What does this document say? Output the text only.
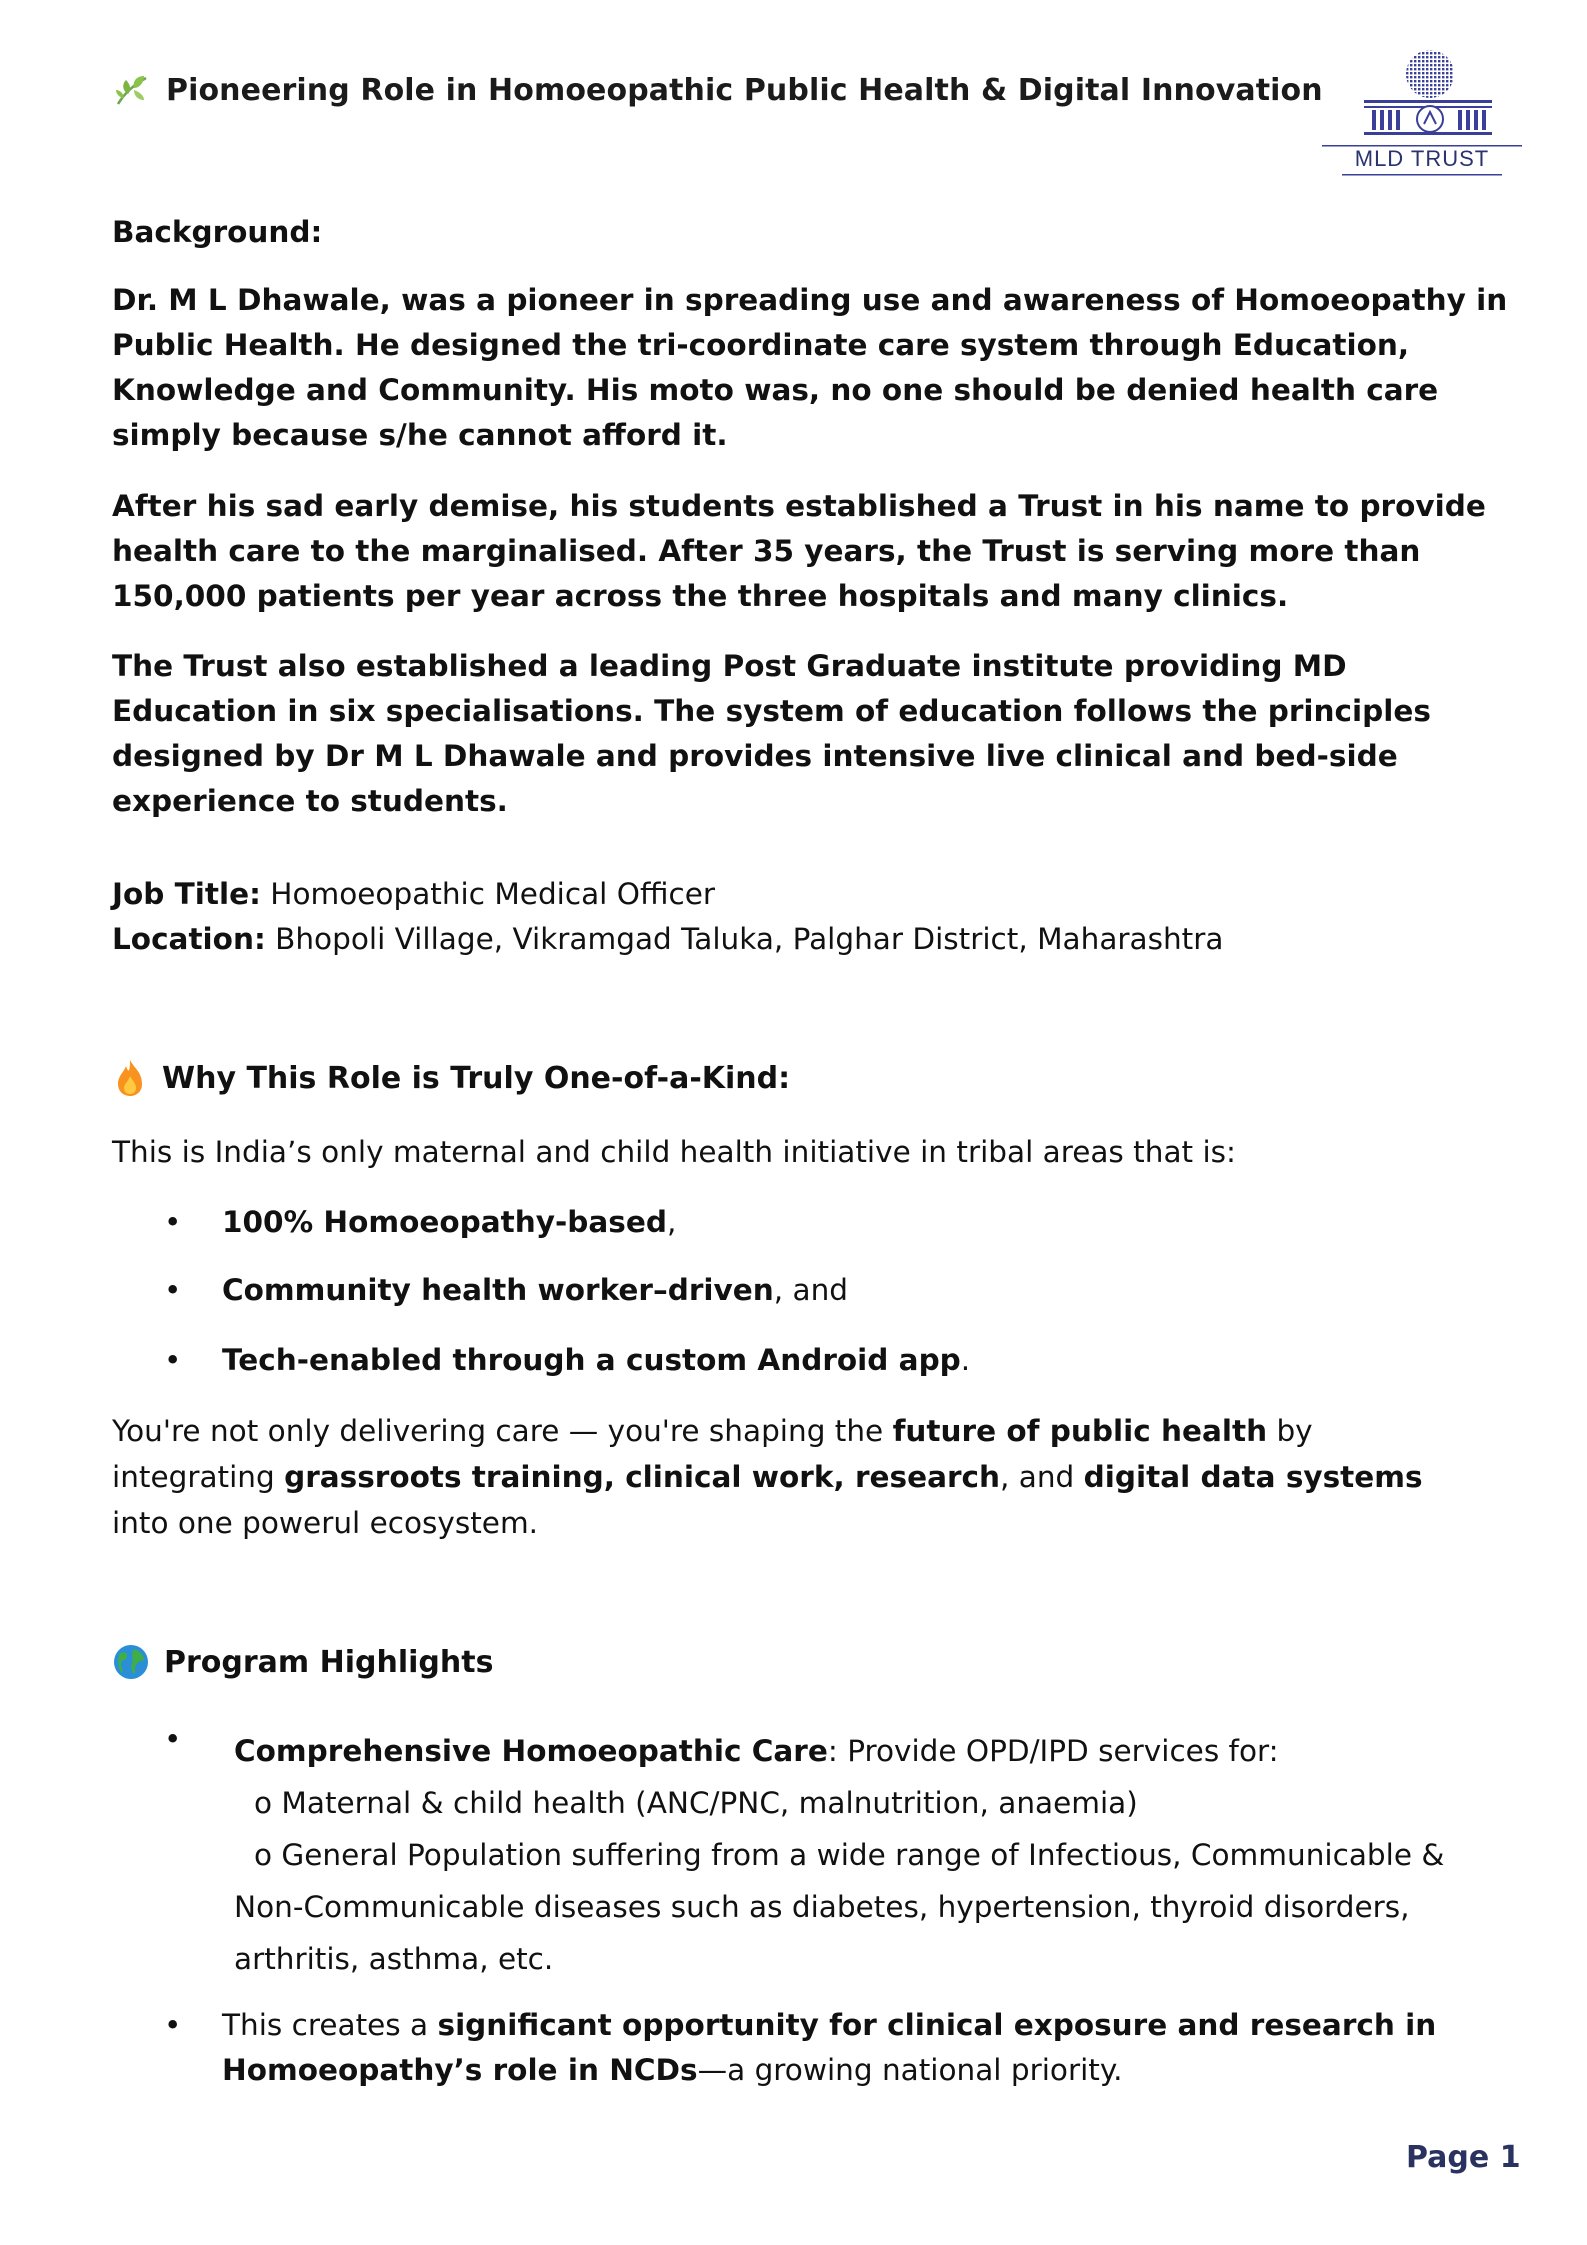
Pioneering Role in Homoeopathic Public Health & Digital Innovation
MLD TRUST

Background:

Dr. M L Dhawale, was a pioneer in spreading use and awareness of Homoeopathy in Public Health. He designed the tri-coordinate care system through Education, Knowledge and Community. His moto was, no one should be denied health care simply because s/he cannot afford it.

After his sad early demise, his students established a Trust in his name to provide health care to the marginalised. After 35 years, the Trust is serving more than 150,000 patients per year across the three hospitals and many clinics.

The Trust also established a leading Post Graduate institute providing MD Education in six specialisations. The system of education follows the principles designed by Dr M L Dhawale and provides intensive live clinical and bed-side experience to students.

Job Title: Homoeopathic Medical Officer

Location: Bhopoli Village, Vikramgad Taluka, Palghar District, Maharashtra

Why This Role is Truly One-of-a-Kind:

This is India’s only maternal and child health initiative in tribal areas that is:

• 100% Homoeopathy-based,
• Community health worker–driven, and
• Tech-enabled through a custom Android app.

You're not only delivering care — you're shaping the future of public health by integrating grassroots training, clinical work, research, and digital data systems into one powerul ecosystem.

Program Highlights
• Comprehensive Homoeopathic Care: Provide OPD/IPD services for:
o Maternal & child health (ANC/PNC, malnutrition, anaemia)
o General Population suffering from a wide range of Infectious, Communicable & Non-Communicable diseases such as diabetes, hypertension, thyroid disorders, arthritis, asthma, etc.
• This creates a significant opportunity for clinical exposure and research in Homoeopathy’s role in NCDs—a growing national priority.
Page 1
